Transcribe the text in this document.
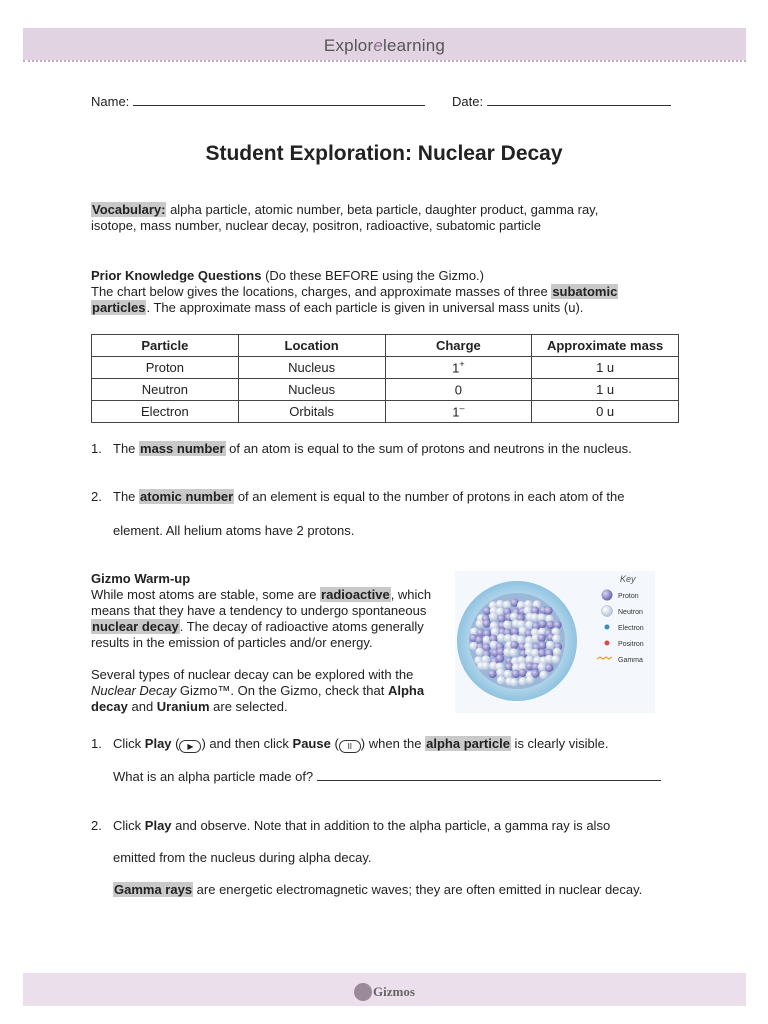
Explorelearning
Name:	Date:
Student Exploration: Nuclear Decay
Vocabulary: alpha particle, atomic number, beta particle, daughter product, gamma ray,
isotope, mass number, nuclear decay, positron, radioactive, subatomic particle
Prior Knowledge Questions (Do these BEFORE using the Gizmo.)
The chart below gives the locations, charges, and approximate masses of three subatomic
particles. The approximate mass of each particle is given in universal mass units (u).
Particle	Location	Charge	Approximate mass
Proton	Nucleus	1+	1 u
Neutron	Nucleus	0	1 u
Electron	Orbitals	1–	0 u
1. The mass number of an atom is equal to the sum of protons and neutrons in the nucleus.
2. The atomic number of an element is equal to the number of protons in each atom of the
element. All helium atoms have 2 protons.
Gizmo Warm-up
While most atoms are stable, some are radioactive, which
means that they have a tendency to undergo spontaneous
nuclear decay. The decay of radioactive atoms generally
results in the emission of particles and/or energy.
Several types of nuclear decay can be explored with the
Nuclear Decay Gizmo™. On the Gizmo, check that Alpha
decay and Uranium are selected.
Key
Proton
Neutron
Electron
Positron
Gamma
1. Click Play ( ▶ ) and then click Pause ( II ) when the alpha particle is clearly visible.
What is an alpha particle made of?
2. Click Play and observe. Note that in addition to the alpha particle, a gamma ray is also
emitted from the nucleus during alpha decay.
Gamma rays are energetic electromagnetic waves; they are often emitted in nuclear decay.
Gizmos
